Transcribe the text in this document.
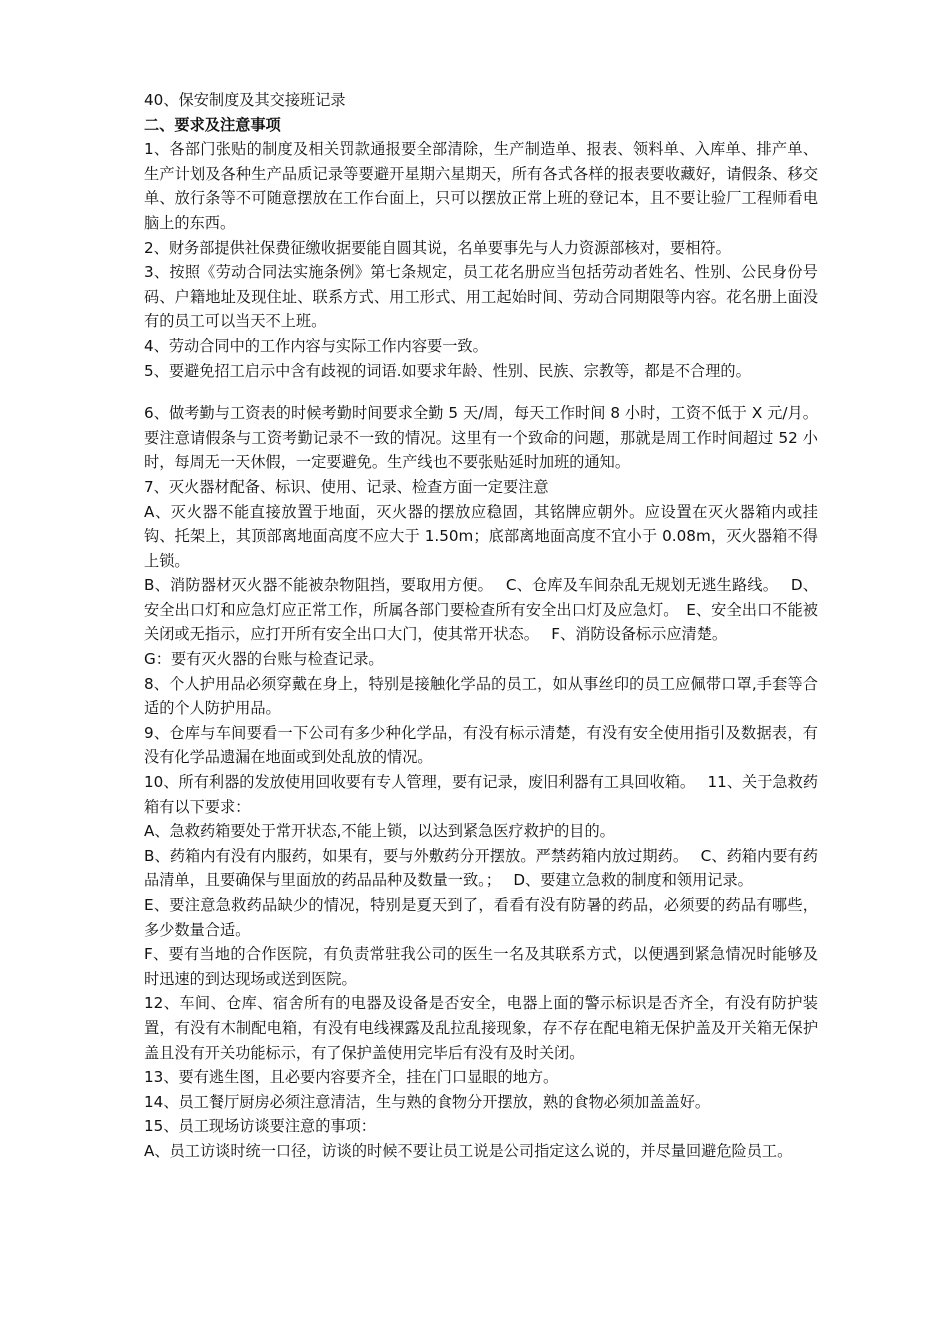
40、保安制度及其交接班记录

二、要求及注意事项

1、各部门张贴的制度及相关罚款通报要全部清除，生产制造单、报表、领料单、入库单、排产单、生产计划及各种生产品质记录等要避开星期六星期天，所有各式各样的报表要收藏好，请假条、移交单、放行条等不可随意摆放在工作台面上，只可以摆放正常上班的登记本，且不要让验厂工程师看电脑上的东西。

2、财务部提供社保费征缴收据要能自圆其说，名单要事先与人力资源部核对，要相符。

3、按照《劳动合同法实施条例》第七条规定，员工花名册应当包括劳动者姓名、性别、公民身份号码、户籍地址及现住址、联系方式、用工形式、用工起始时间、劳动合同期限等内容。花名册上面没有的员工可以当天不上班。

4、劳动合同中的工作内容与实际工作内容要一致。

5、要避免招工启示中含有歧视的词语.如要求年龄、性别、民族、宗教等，都是不合理的。

6、做考勤与工资表的时候考勤时间要求全勤 5 天/周，每天工作时间 8 小时，工资不低于 X 元/月。要注意请假条与工资考勤记录不一致的情况。这里有一个致命的问题，那就是周工作时间超过 52 小时，每周无一天休假，一定要避免。生产线也不要张贴延时加班的通知。

7、灭火器材配备、标识、使用、记录、检查方面一定要注意

A、灭火器不能直接放置于地面，灭火器的摆放应稳固，其铭牌应朝外。应设置在灭火器箱内或挂钩、托架上，其顶部离地面高度不应大于 1.50m；底部离地面高度不宜小于 0.08m，灭火器箱不得上锁。

B、消防器材灭火器不能被杂物阻挡，要取用方便。　 C、仓库及车间杂乱无规划无逃生路线。　 D、安全出口灯和应急灯应正常工作，所属各部门要检查所有安全出口灯及应急灯。　E、安全出口不能被关闭或无指示，应打开所有安全出口大门，使其常开状态。　 F、消防设备标示应清楚。

G：要有灭火器的台账与检查记录。

8、个人护用品必须穿戴在身上，特别是接触化学品的员工，如从事丝印的员工应佩带口罩,手套等合适的个人防护用品。

9、仓库与车间要看一下公司有多少种化学品，有没有标示清楚，有没有安全使用指引及数据表，有没有化学品遗漏在地面或到处乱放的情况。

10、所有利器的发放使用回收要有专人管理，要有记录，废旧利器有工具回收箱。　 11、关于急救药箱有以下要求：

A、急救药箱要处于常开状态,不能上锁，以达到紧急医疗救护的目的。

B、药箱内有没有内服药，如果有，要与外敷药分开摆放。严禁药箱内放过期药。　 C、药箱内要有药品清单，且要确保与里面放的药品品种及数量一致。；　 D、要建立急救的制度和领用记录。

E、要注意急救药品缺少的情况，特别是夏天到了，看看有没有防暑的药品，必须要的药品有哪些，多少数量合适。

F、要有当地的合作医院，有负责常驻我公司的医生一名及其联系方式，以便遇到紧急情况时能够及时迅速的到达现场或送到医院。

12、车间、仓库、宿舍所有的电器及设备是否安全，电器上面的警示标识是否齐全，有没有防护装置，有没有木制配电箱，有没有电线裸露及乱拉乱接现象，存不存在配电箱无保护盖及开关箱无保护盖且没有开关功能标示，有了保护盖使用完毕后有没有及时关闭。

13、要有逃生图，且必要内容要齐全，挂在门口显眼的地方。

14、员工餐厅厨房必须注意清洁，生与熟的食物分开摆放，熟的食物必须加盖盖好。

15、员工现场访谈要注意的事项：

A、员工访谈时统一口径，访谈的时候不要让员工说是公司指定这么说的，并尽量回避危险员工。
